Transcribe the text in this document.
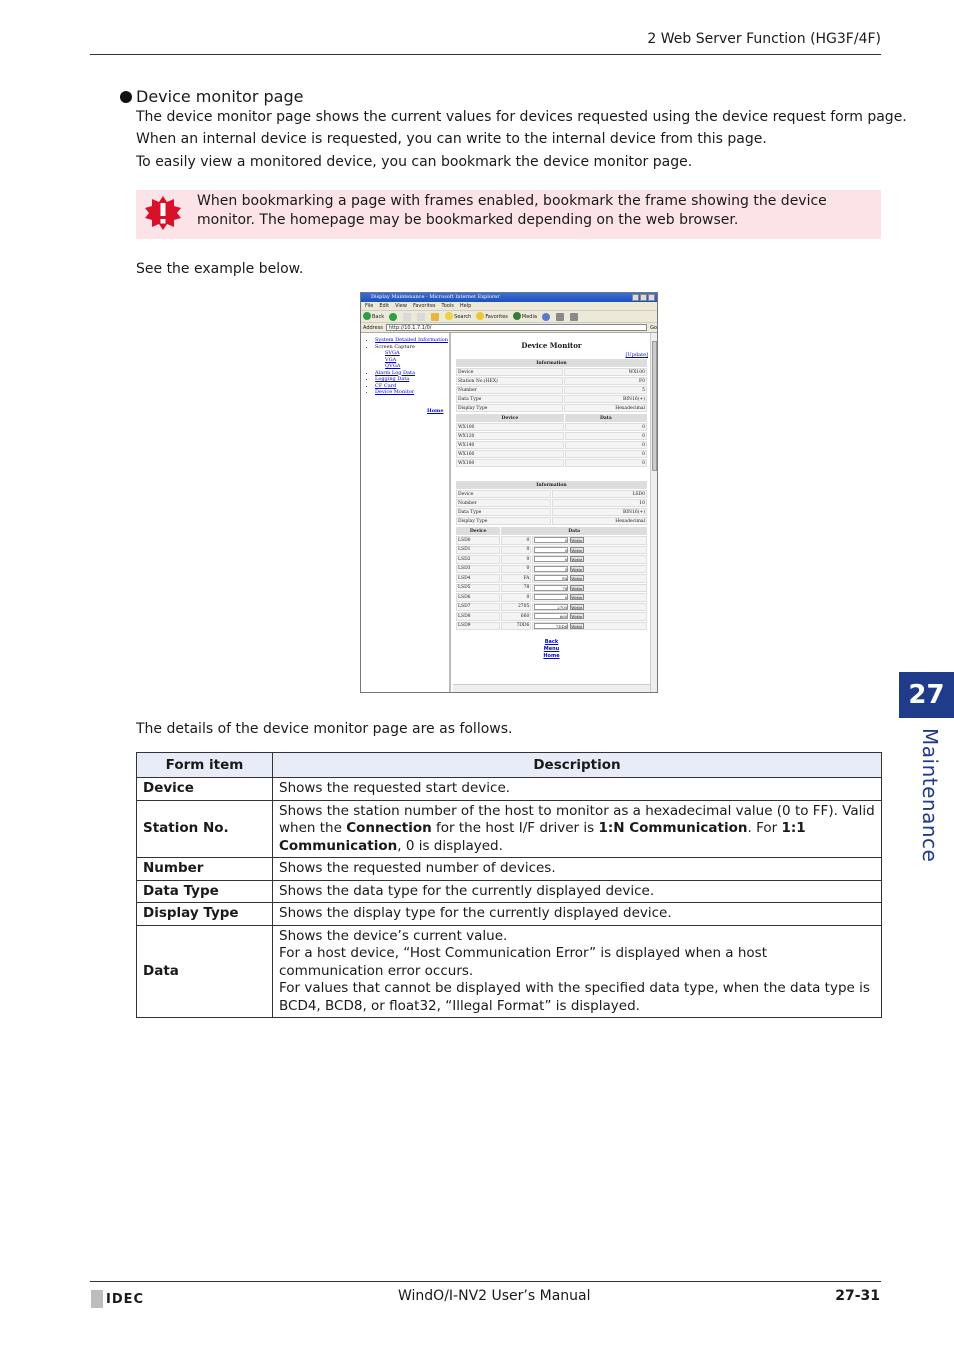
2 Web Server Function (HG3F/4F)
Device monitor page
The device monitor page shows the current values for devices requested using the device request form page.
When an internal device is requested, you can write to the internal device from this page.
To easily view a monitored device, you can bookmark the device monitor page.
When bookmarking a page with frames enabled, bookmark the frame showing the device monitor. The homepage may be bookmarked depending on the web browser.
See the example below.
Display Maintenance - Microsoft Internet Explorer
File Edit View Favorites Tools Help
Back	Search	Favorites	Media
Address	http://10.1.7.1/0/	Go
• System Detailed Information
• Screen Capture
SVGA
VGA
QVGA
• Alarm Log Data
• Logging Data
• CF Card
• Device Monitor
Home
Device Monitor
[Update]
Information	
Device	WX100
Station No.(HEX)	F0
Number	5
Data Type	BIN16(+)
Display Type	Hexadecimal
Device	Data
WX100	0
WX120	0
WX140	0
WX160	0
WX180	0
Information	
Device	LSD0
Number	10
Data Type	BIN16(+)
Display Type	Hexadecimal
Device	Data	
LSD0	0	0 Write
LSD1	0	0 Write
LSD2	0	0 Write
LSD3	0	0 Write
LSD4	FA	FA Write
LSD5	78	78 Write
LSD6	0	0 Write
LSD7	2705	2705 Write
LSD8	660	660 Write
LSD9	7DD6	7DD6 Write
Back
Menu
Home
The details of the device monitor page are as follows.
Form item	Description
Device	Shows the requested start device.
Station No.	Shows the station number of the host to monitor as a hexadecimal value (0 to FF). Valid when the Connection for the host I/F driver is 1:N Communication. For 1:1 Communication, 0 is displayed.
Number	Shows the requested number of devices.
Data Type	Shows the data type for the currently displayed device.
Display Type	Shows the display type for the currently displayed device.
Data	Shows the device’s current value.
For a host device, “Host Communication Error” is displayed when a host communication error occurs.
For values that cannot be displayed with the specified data type, when the data type is BCD4, BCD8, or float32, “Illegal Format” is displayed.
IDEC	WindO/I-NV2 User’s Manual	27-31
27
Maintenance
